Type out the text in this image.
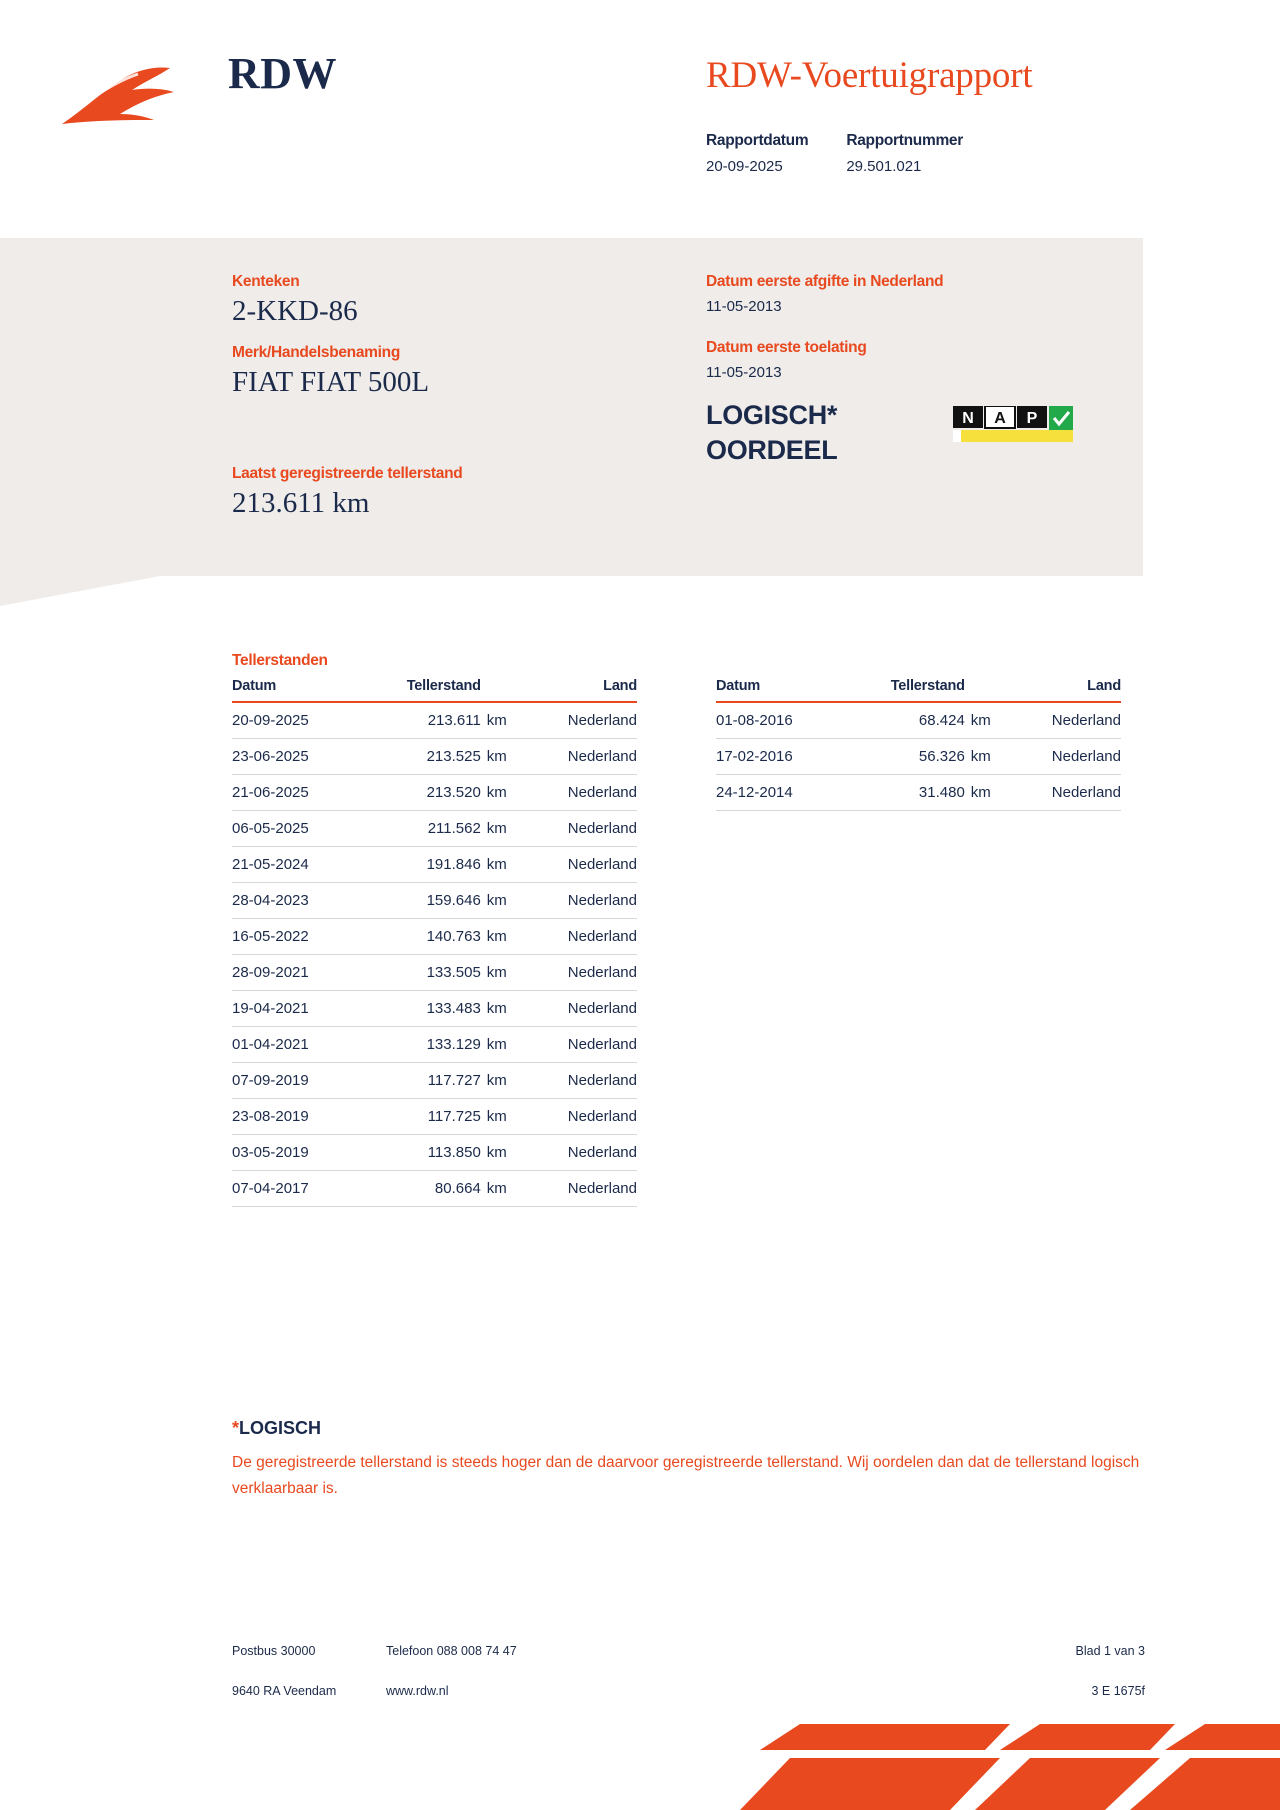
RDW	RDW-Voertuigrapport
Rapportdatum
20-09-2025
Rapportnummer
29.501.021
Kenteken
2-KKD-86
Merk/Handelsbenaming
FIAT FIAT 500L
Laatst geregistreerde tellerstand
213.611 km
Datum eerste afgifte in Nederland
11-05-2013
Datum eerste toelating
11-05-2013
LOGISCH*
OORDEEL
N A P
Tellerstanden
Datum	Tellerstand		Land
20-09-2025	213.611	km	Nederland
23-06-2025	213.525	km	Nederland
21-06-2025	213.520	km	Nederland
06-05-2025	211.562	km	Nederland
21-05-2024	191.846	km	Nederland
28-04-2023	159.646	km	Nederland
16-05-2022	140.763	km	Nederland
28-09-2021	133.505	km	Nederland
19-04-2021	133.483	km	Nederland
01-04-2021	133.129	km	Nederland
07-09-2019	117.727	km	Nederland
23-08-2019	117.725	km	Nederland
03-05-2019	113.850	km	Nederland
07-04-2017	80.664	km	Nederland
Datum	Tellerstand		Land
01-08-2016	68.424	km	Nederland
17-02-2016	56.326	km	Nederland
24-12-2014	31.480	km	Nederland
*LOGISCH
De geregistreerde tellerstand is steeds hoger dan de daarvoor geregistreerde tellerstand. Wij oordelen dan dat de tellerstand logisch verklaarbaar is.
Postbus 30000
9640 RA Veendam
Telefoon 088 008 74 47
www.rdw.nl
Blad 1 van 3
3 E 1675f
